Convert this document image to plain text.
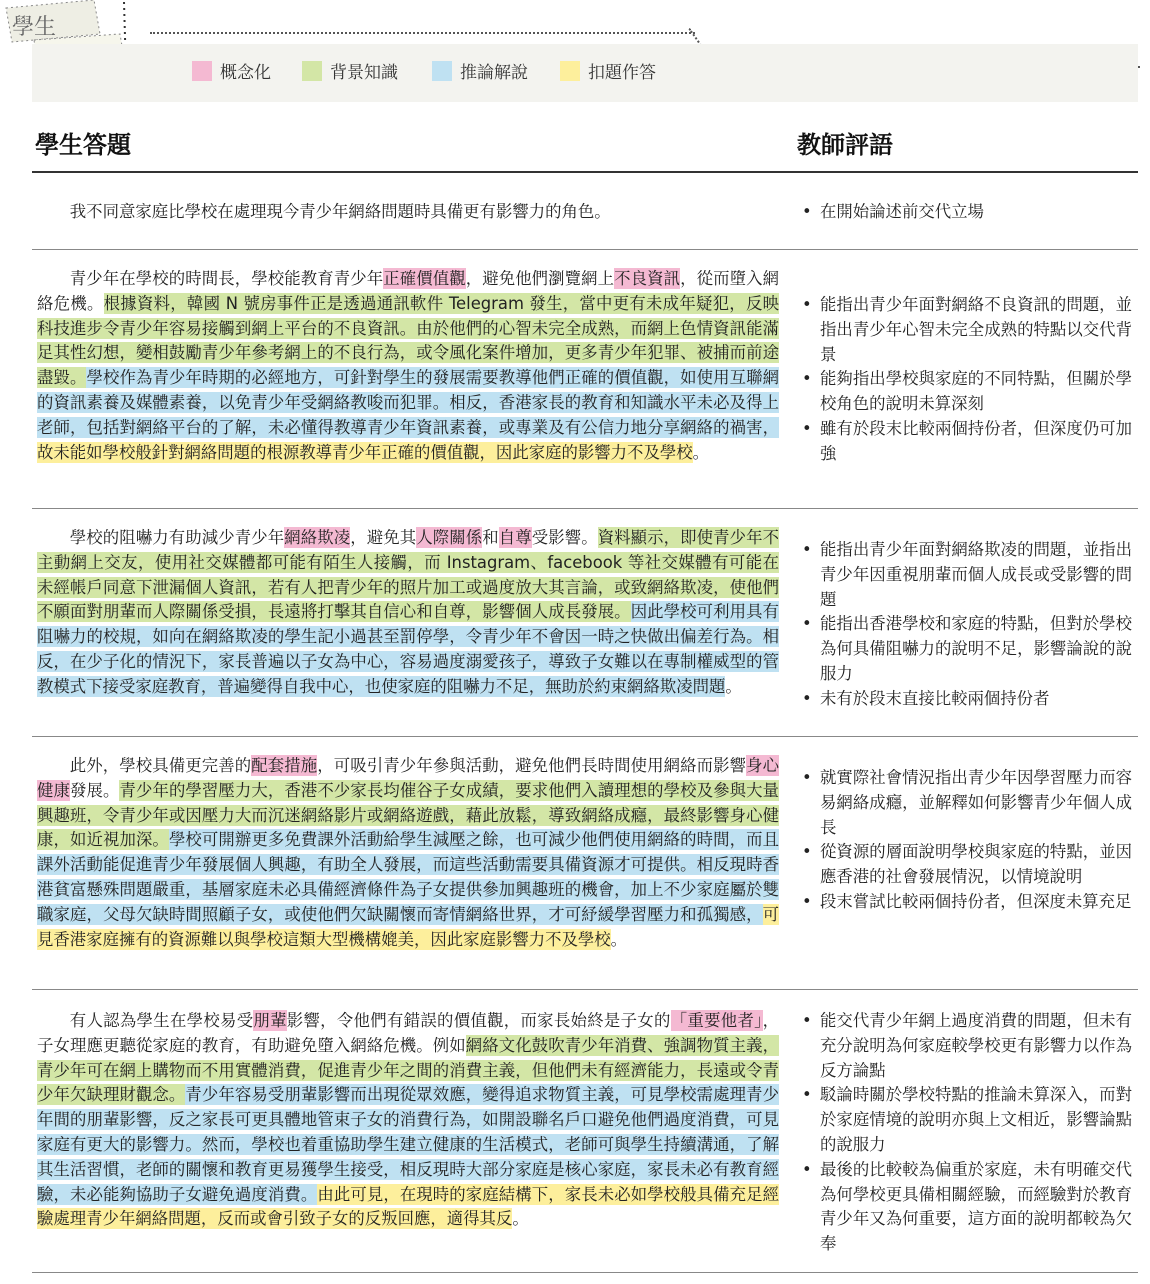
學生
概念化	背景知識	推論解說	扣題作答
學生答題	教師評語
我不同意家庭比學校在處理現今青少年網絡問題時具備更有影響力的角色。
•	在開始論述前交代立場
青少年在學校的時間長，學校能教育青少年正確價值觀，避免他們瀏覽網上不良資訊，從而墮入網絡危機。根據資料，韓國 N 號房事件正是透過通訊軟件 Telegram 發生，當中更有未成年疑犯，反映科技進步令青少年容易接觸到網上平台的不良資訊。由於他們的心智未完全成熟，而網上色情資訊能滿足其性幻想，變相鼓勵青少年參考網上的不良行為，或令風化案件增加，更多青少年犯罪、被捕而前途盡毀。學校作為青少年時期的必經地方，可針對學生的發展需要教導他們正確的價值觀，如使用互聯網的資訊素養及媒體素養，以免青少年受網絡教唆而犯罪。相反，香港家長的教育和知識水平未必及得上老師，包括對網絡平台的了解，未必懂得教導青少年資訊素養，或專業及有公信力地分享網絡的禍害，故未能如學校般針對網絡問題的根源教導青少年正確的價值觀，因此家庭的影響力不及學校。
• 能指出青少年面對網絡不良資訊的問題，並指出青少年心智未完全成熟的特點以交代背景
• 能夠指出學校與家庭的不同特點，但關於學校角色的說明未算深刻
• 雖有於段末比較兩個持份者，但深度仍可加強
學校的阻嚇力有助減少青少年網絡欺凌，避免其人際關係和自尊受影響。資料顯示，即使青少年不主動網上交友，使用社交媒體都可能有陌生人接觸，而 Instagram、facebook 等社交媒體有可能在未經帳戶同意下泄漏個人資訊，若有人把青少年的照片加工或過度放大其言論，或致網絡欺凌，使他們不願面對朋輩而人際關係受損，長遠將打擊其自信心和自尊，影響個人成長發展。因此學校可利用具有阻嚇力的校規，如向在網絡欺凌的學生記小過甚至罰停學，令青少年不會因一時之快做出偏差行為。相反，在少子化的情況下，家長普遍以子女為中心，容易過度溺愛孩子，導致子女難以在專制權威型的管教模式下接受家庭教育，普遍變得自我中心，也使家庭的阻嚇力不足，無助於約束網絡欺凌問題。
• 能指出青少年面對網絡欺凌的問題，並指出青少年因重視朋輩而個人成長或受影響的問題
• 能指出香港學校和家庭的特點，但對於學校為何具備阻嚇力的說明不足，影響論說的說服力
• 未有於段末直接比較兩個持份者
此外，學校具備更完善的配套措施，可吸引青少年參與活動，避免他們長時間使用網絡而影響身心健康發展。青少年的學習壓力大，香港不少家長均催谷子女成績，要求他們入讀理想的學校及參與大量興趣班，令青少年或因壓力大而沉迷網絡影片或網絡遊戲，藉此放鬆，導致網絡成癮，最終影響身心健康，如近視加深。學校可開辦更多免費課外活動給學生減壓之餘，也可減少他們使用網絡的時間，而且課外活動能促進青少年發展個人興趣，有助全人發展，而這些活動需要具備資源才可提供。相反現時香港貧富懸殊問題嚴重，基層家庭未必具備經濟條件為子女提供參加興趣班的機會，加上不少家庭屬於雙職家庭，父母欠缺時間照顧子女，或使他們欠缺關懷而寄情網絡世界，才可紓緩學習壓力和孤獨感，可見香港家庭擁有的資源難以與學校這類大型機構媲美，因此家庭影響力不及學校。
• 就實際社會情況指出青少年因學習壓力而容易網絡成癮，並解釋如何影響青少年個人成長
• 從資源的層面說明學校與家庭的特點，並因應香港的社會發展情況，以情境說明
• 段末嘗試比較兩個持份者，但深度未算充足
有人認為學生在學校易受朋輩影響，令他們有錯誤的價值觀，而家長始終是子女的「重要他者」，子女理應更聽從家庭的教育，有助避免墮入網絡危機。例如網絡文化鼓吹青少年消費、強調物質主義，青少年可在網上購物而不用實體消費，促進青少年之間的消費主義，但他們未有經濟能力，長遠或令青少年欠缺理財觀念。青少年容易受朋輩影響而出現從眾效應，變得追求物質主義，可見學校需處理青少年間的朋輩影響，反之家長可更具體地管束子女的消費行為，如開設聯名戶口避免他們過度消費，可見家庭有更大的影響力。然而，學校也着重協助學生建立健康的生活模式，老師可與學生持續溝通，了解其生活習慣，老師的關懷和教育更易獲學生接受，相反現時大部分家庭是核心家庭，家長未必有教育經驗，未必能夠協助子女避免過度消費。由此可見，在現時的家庭結構下，家長未必如學校般具備充足經驗處理青少年網絡問題，反而或會引致子女的反叛回應，適得其反。
• 能交代青少年網上過度消費的問題，但未有充分說明為何家庭較學校更有影響力以作為反方論點
• 駁論時關於學校特點的推論未算深入，而對於家庭情境的說明亦與上文相近，影響論點的說服力
• 最後的比較較為偏重於家庭，未有明確交代為何學校更具備相關經驗，而經驗對於教育青少年又為何重要，這方面的說明都較為欠奉
